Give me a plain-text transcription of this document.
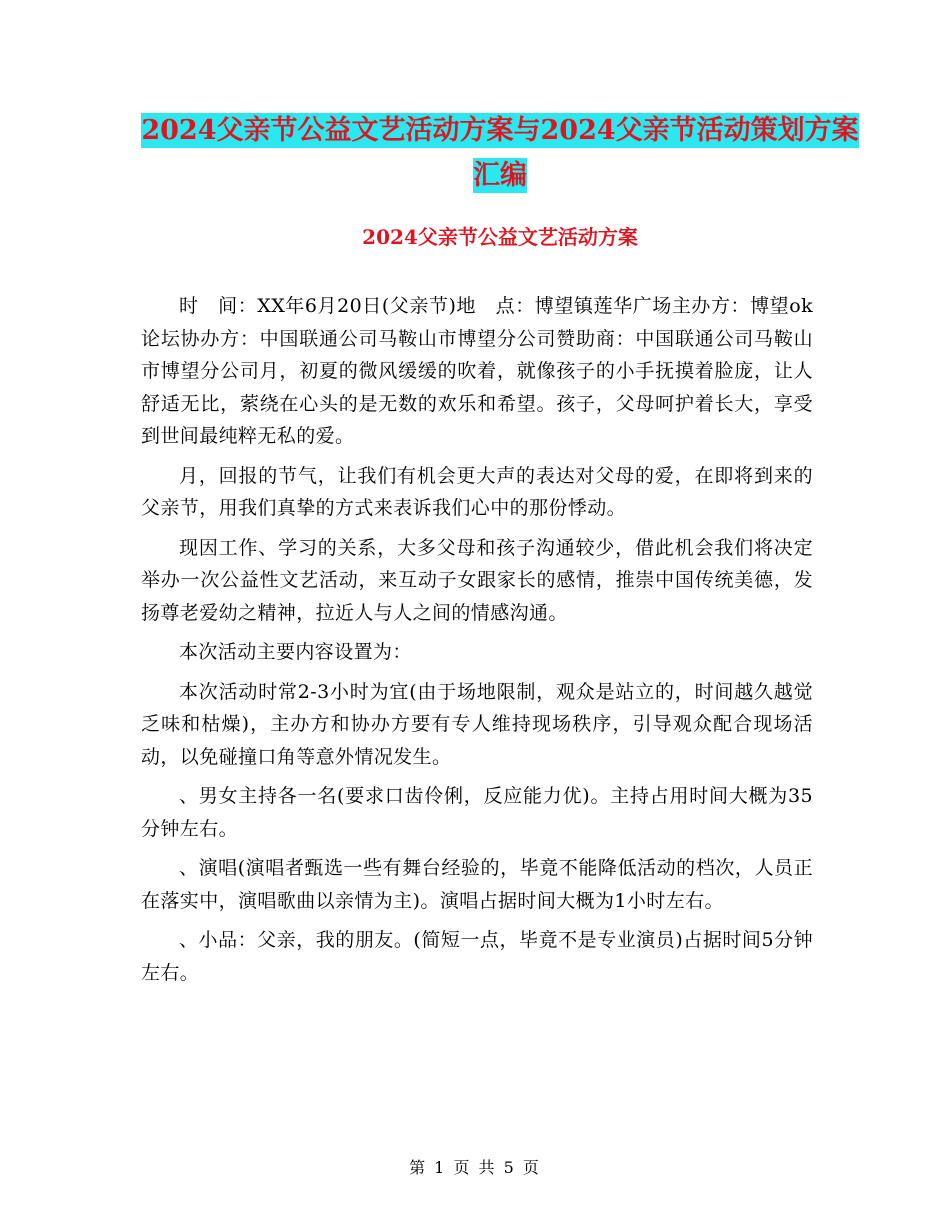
2024父亲节公益文艺活动方案与2024父亲节活动策划方案汇编
2024父亲节公益文艺活动方案

时　间：XX年6月20日(父亲节)地　点：博望镇莲华广场主办方：博望ok论坛协办方：中国联通公司马鞍山市博望分公司赞助商：中国联通公司马鞍山市博望分公司月，初夏的微风缓缓的吹着，就像孩子的小手抚摸着脸庞，让人舒适无比，萦绕在心头的是无数的欢乐和希望。孩子，父母呵护着长大，享受到世间最纯粹无私的爱。

月，回报的节气，让我们有机会更大声的表达对父母的爱，在即将到来的父亲节，用我们真挚的方式来表诉我们心中的那份悸动。

现因工作、学习的关系，大多父母和孩子沟通较少，借此机会我们将决定举办一次公益性文艺活动，来互动子女跟家长的感情，推崇中国传统美德，发扬尊老爱幼之精神，拉近人与人之间的情感沟通。

本次活动主要内容设置为：

本次活动时常2-3小时为宜(由于场地限制，观众是站立的，时间越久越觉乏味和枯燥)，主办方和协办方要有专人维持现场秩序，引导观众配合现场活动，以免碰撞口角等意外情况发生。

、男女主持各一名(要求口齿伶俐，反应能力优)。主持占用时间大概为35分钟左右。

、演唱(演唱者甄选一些有舞台经验的，毕竟不能降低活动的档次，人员正在落实中，演唱歌曲以亲情为主)。演唱占据时间大概为1小时左右。

、小品：父亲，我的朋友。(简短一点，毕竟不是专业演员)占据时间5分钟左右。

第 1 页 共 5 页
